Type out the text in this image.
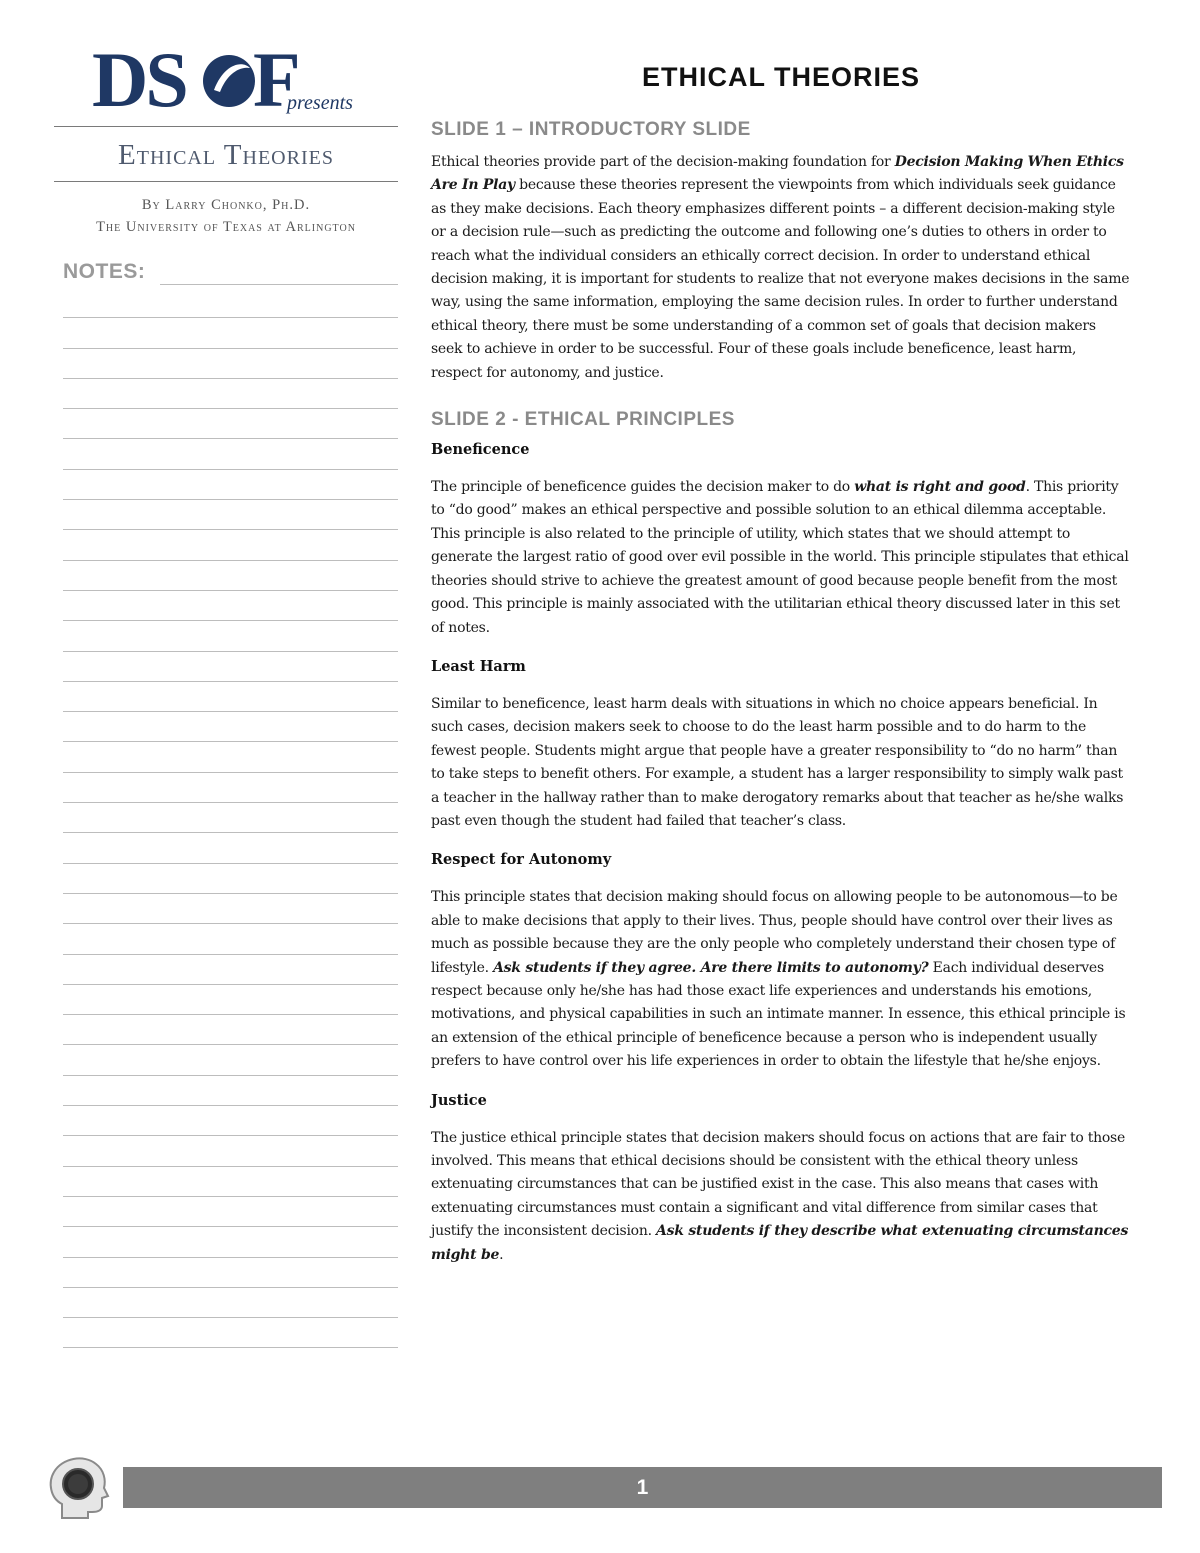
DS F
presents
Ethical Theories
By Larry Chonko, Ph.D.
The University of Texas at Arlington
NOTES:
ETHICAL THEORIES
SLIDE 1 – INTRODUCTORY SLIDE

Ethical theories provide part of the decision-making foundation for Decision Making When Ethics Are In Play because these theories represent the viewpoints from which individuals seek guidance as they make decisions. Each theory emphasizes different points – a different decision-making style or a decision rule—such as predicting the outcome and following one’s duties to others in order to reach what the individual considers an ethically correct decision. In order to understand ethical decision making, it is important for students to realize that not everyone makes decisions in the same way, using the same information, employing the same decision rules. In order to further understand ethical theory, there must be some understanding of a common set of goals that decision makers seek to achieve in order to be successful. Four of these goals include beneficence, least harm, respect for autonomy, and justice.

SLIDE 2 - ETHICAL PRINCIPLES
Beneficence

The principle of beneficence guides the decision maker to do what is right and good. This priority to “do good” makes an ethical perspective and possible solution to an ethical dilemma acceptable. This principle is also related to the principle of utility, which states that we should attempt to generate the largest ratio of good over evil possible in the world. This principle stipulates that ethical theories should strive to achieve the greatest amount of good because people benefit from the most good. This principle is mainly associated with the utilitarian ethical theory discussed later in this set of notes.

Least Harm

Similar to beneficence, least harm deals with situations in which no choice appears beneficial. In such cases, decision makers seek to choose to do the least harm possible and to do harm to the fewest people. Students might argue that people have a greater responsibility to “do no harm” than to take steps to benefit others. For example, a student has a larger responsibility to simply walk past a teacher in the hallway rather than to make derogatory remarks about that teacher as he/she walks past even though the student had failed that teacher’s class.

Respect for Autonomy

This principle states that decision making should focus on allowing people to be autonomous—to be able to make decisions that apply to their lives. Thus, people should have control over their lives as much as possible because they are the only people who completely understand their chosen type of lifestyle. Ask students if they agree. Are there limits to autonomy? Each individual deserves respect because only he/she has had those exact life experiences and understands his emotions, motivations, and physical capabilities in such an intimate manner. In essence, this ethical principle is an extension of the ethical principle of beneficence because a person who is independent usually prefers to have control over his life experiences in order to obtain the lifestyle that he/she enjoys.

Justice

The justice ethical principle states that decision makers should focus on actions that are fair to those involved. This means that ethical decisions should be consistent with the ethical theory unless extenuating circumstances that can be justified exist in the case. This also means that cases with extenuating circumstances must contain a significant and vital difference from similar cases that justify the inconsistent decision. Ask students if they describe what extenuating circumstances might be.

1
